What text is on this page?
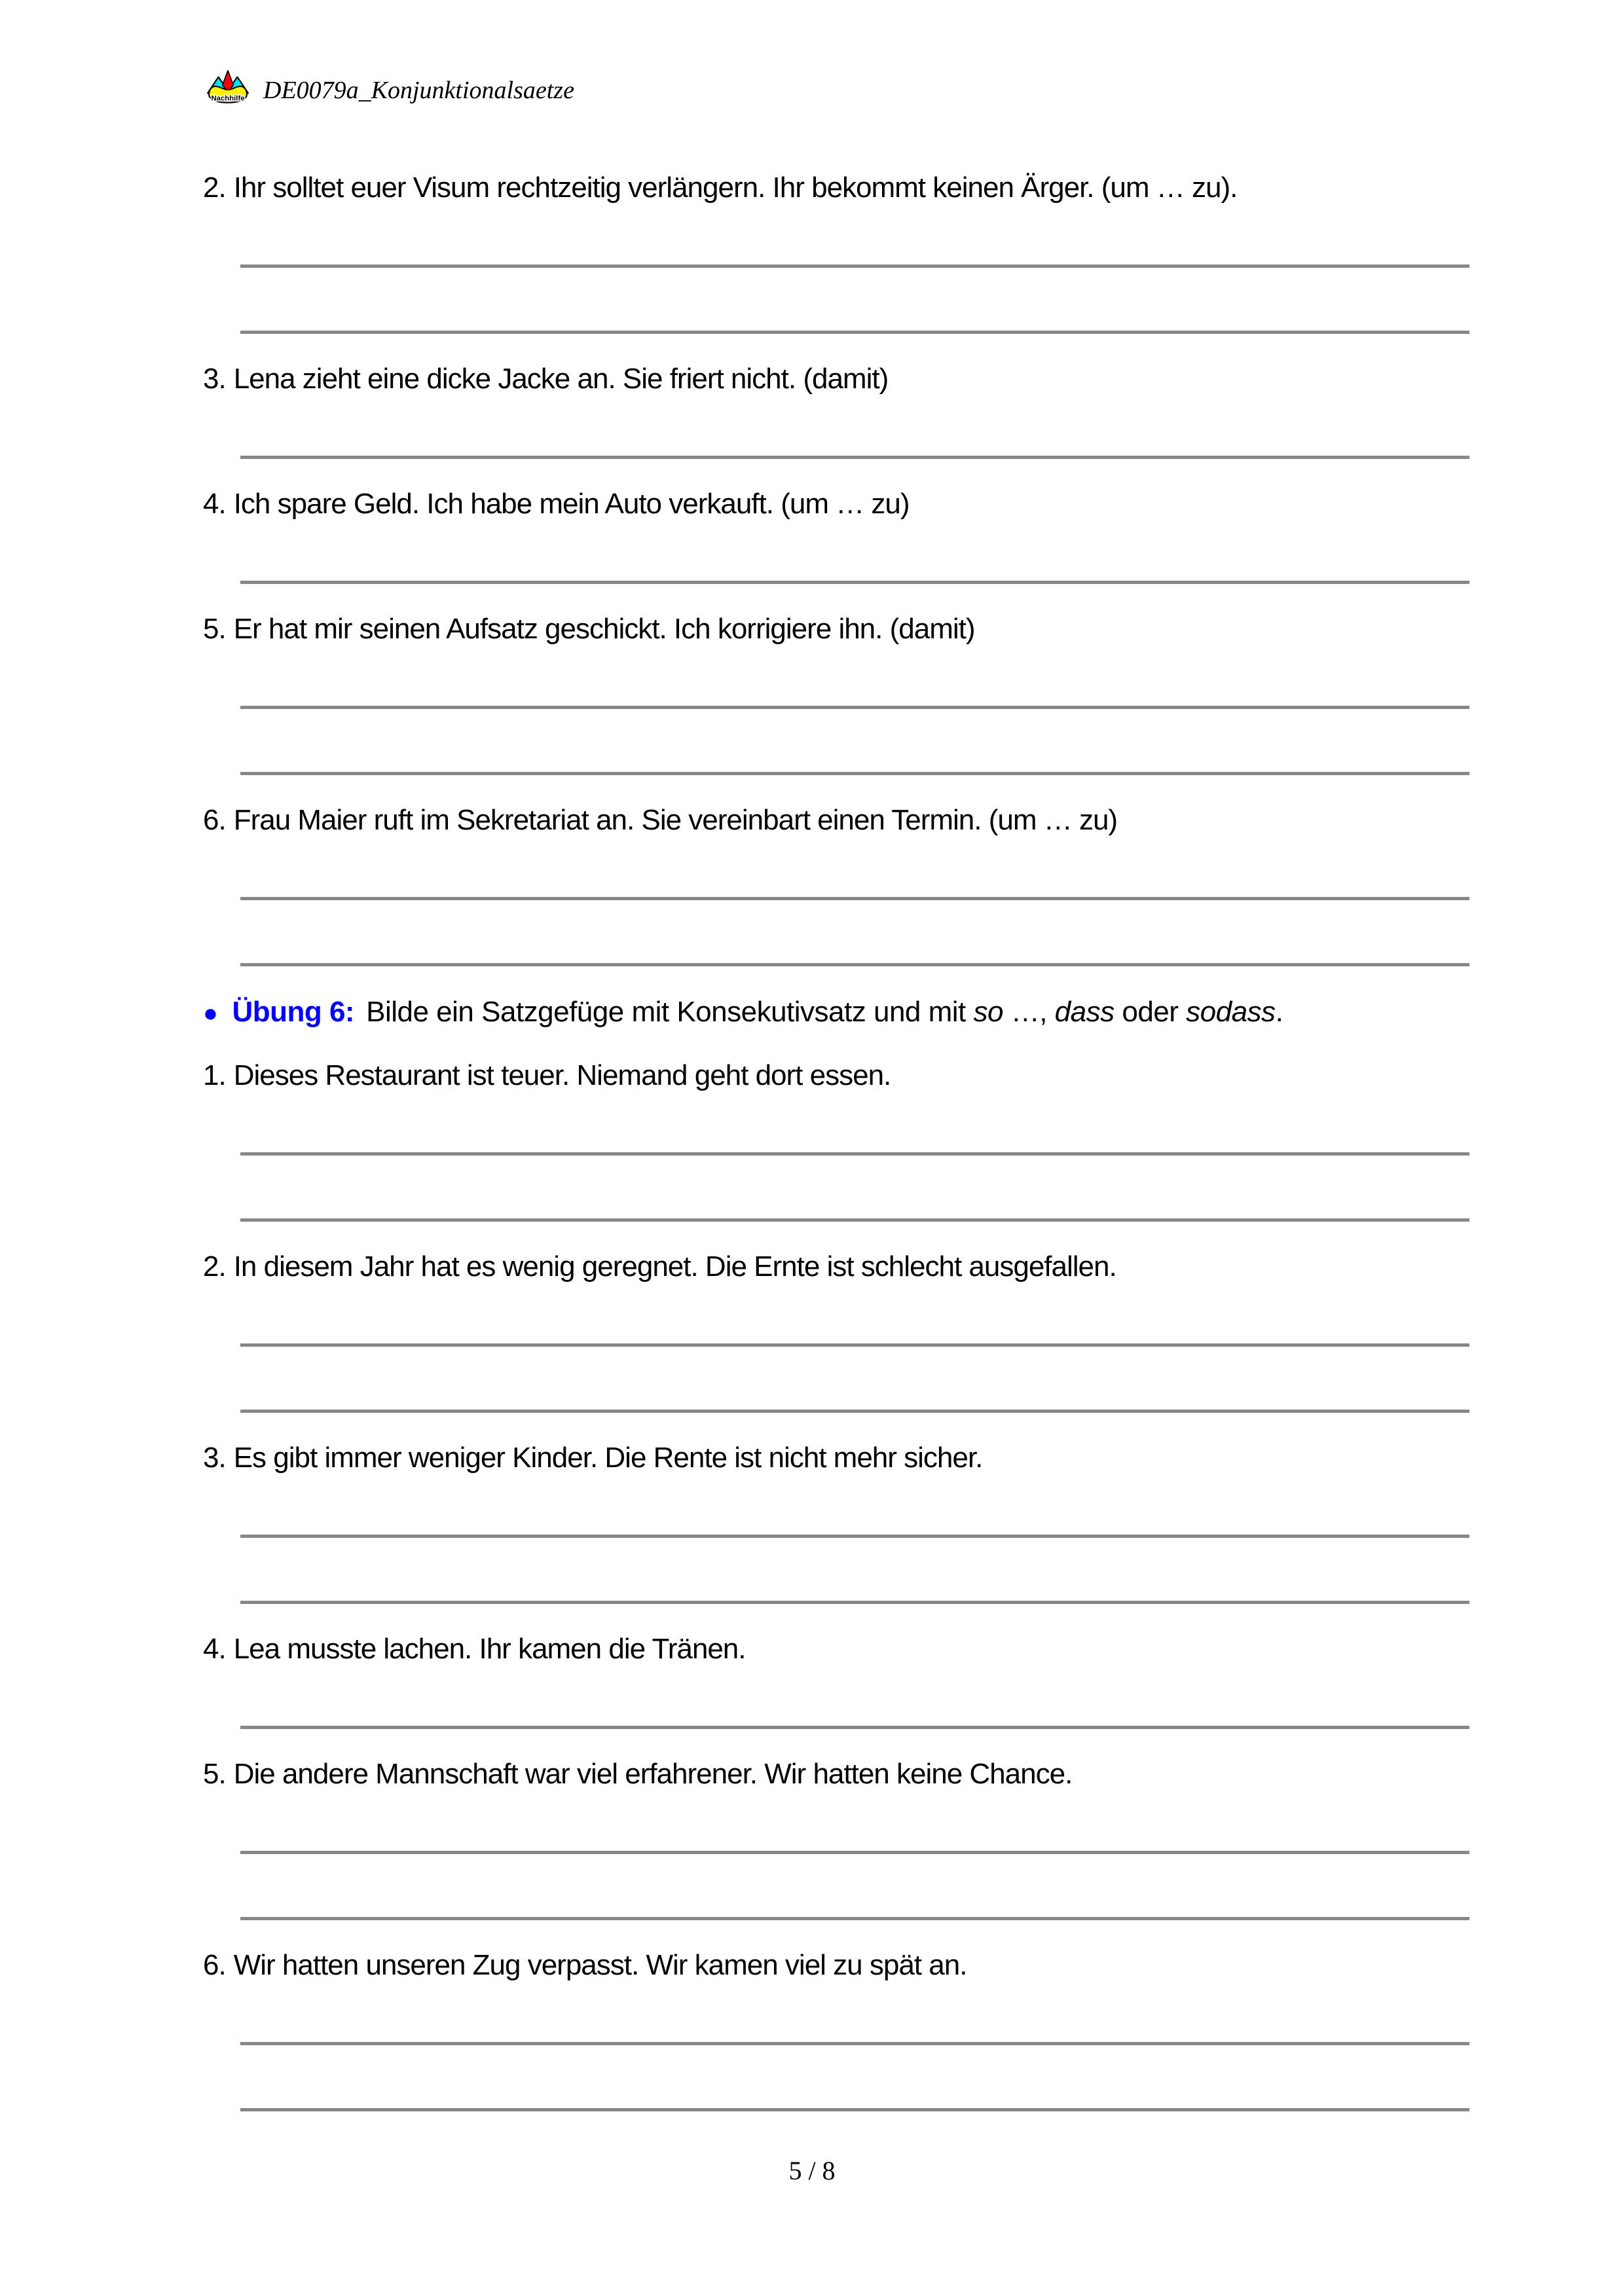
Nachhilfe DE0079a_Konjunktionalsaetze

2. Ihr solltet euer Visum rechtzeitig verlängern. Ihr bekommt keinen Ärger. (um … zu).

3. Lena zieht eine dicke Jacke an. Sie friert nicht. (damit)

4. Ich spare Geld. Ich habe mein Auto verkauft. (um … zu)

5. Er hat mir seinen Aufsatz geschickt. Ich korrigiere ihn. (damit)

6. Frau Maier ruft im Sekretariat an. Sie vereinbart einen Termin. (um … zu)

● Übung 6: Bilde ein Satzgefüge mit Konsekutivsatz und mit so …, dass oder sodass.

1. Dieses Restaurant ist teuer. Niemand geht dort essen.

2. In diesem Jahr hat es wenig geregnet. Die Ernte ist schlecht ausgefallen.

3. Es gibt immer weniger Kinder. Die Rente ist nicht mehr sicher.

4. Lea musste lachen. Ihr kamen die Tränen.

5. Die andere Mannschaft war viel erfahrener. Wir hatten keine Chance.

6. Wir hatten unseren Zug verpasst. Wir kamen viel zu spät an.

5 / 8
